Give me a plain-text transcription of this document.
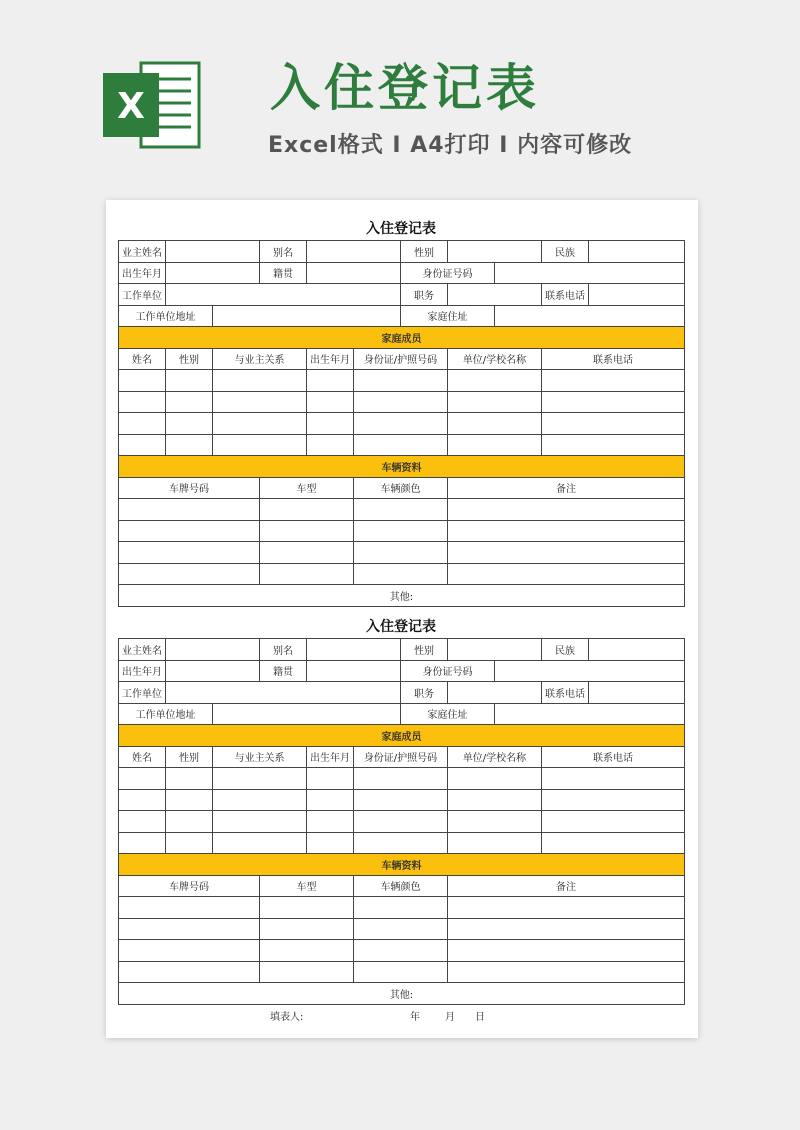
X	入住登记表
Excel格式 I A4打印 I 内容可修改
入住登记表
业主姓名			别名			性别			民族	
出生年月			籍贯			身份证号码				
工作单位						职务			联系电话	
工作单位地址						家庭住址				
家庭成员										
姓名	性别	与业主关系		出生年月	身份证/护照号码		单位/学校名称		联系电话	

车辆资料										
车牌号码			车型		车辆颜色		备注			

其他:										
入住登记表
业主姓名			别名			性别			民族	
出生年月			籍贯			身份证号码				
工作单位						职务			联系电话	
工作单位地址						家庭住址				
家庭成员										
姓名	性别	与业主关系		出生年月	身份证/护照号码		单位/学校名称		联系电话	

车辆资料										
车牌号码			车型		车辆颜色		备注			

其他:										
填表人:	年	月 日
